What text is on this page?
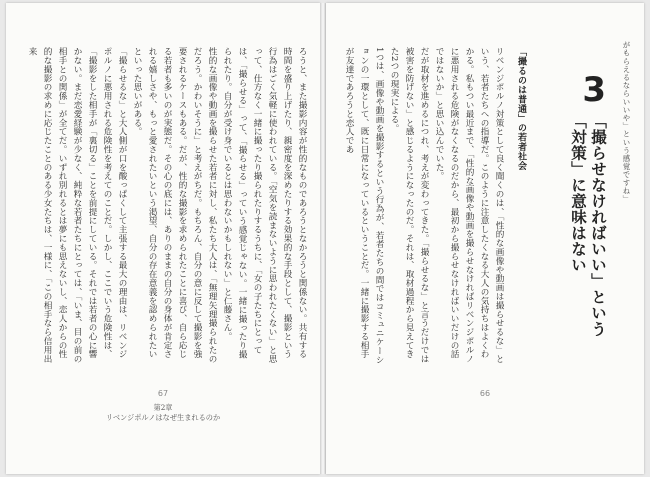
ろうと、また撮影内容が性的なものであろうとなかろうと関係ない。共有する時間を盛り上げたり、親密度を深めたりする効果的な手段として、撮影という行為はごく気軽に使われている。「空気を読まないように思われたくない」と思って、仕方なく一緒に撮ったり撮られたりするうちに、「女の子たちにとっては、「撮らせる」って、「撮らせる」っていう感覚じゃない。一緒に撮ったり撮られたり。自分が受け身でいるとは思わないかもしれない」と仁藤さん。
性的な画像や動画を撮らせた若者に対し、私たち大人は、「無理矢理撮られたのだろう。かわいそうに」と考えがちだ。もちろん、自分の意に反して撮影を強要されるケースもある。だが、性的な撮影を求められたことに喜び、自ら応じる若者も多いのが実態だ。その心の底には、ありのままの自分の身体が肯定される嬉しさや、もっと愛されたいという渇望、自分の存在意義を認められたいといった思いがある。
「撮らせるな」と大人側が口を酸っぱくして主張する最大の理由は、リベンジポルノに悪用される危険性を考えてのことだ。しかし、ここでいう危険性は、「撮影をした相手が「裏切る」ことを前提にしている。それでは若者の心に響かない。まだ恋愛経験が少なく、純粋な若者たちにとっては、「いま、目の前の相手との関係」が全てだ。いずれ別れるとは夢にも思えないし、恋人からの性的な撮影の求めに応じたことのある少女たちは、一様に、「この相手なら信用出来

67
第2章
リベンジポルノはなぜ生まれるのか

がもらえるならいいや」という感覚ですね」

3

「撮らせなければいい」という「対策」に意味はない

「撮るのは普通」の若者社会

リベンジポルノ対策として良く聞くのは、「性的な画像や動画は撮らせるな」という、若者たちへの指導だ。このように注意したくなる大人の気持ちはよくわかる。私もつい最近まで、「性的な画像や動画を撮らせなければリベンジポルノに悪用される危険がなくなるのだから、最初から撮らせなければいいだけの話ではないか」と思い込んでいた。
だが取材を進めるにつれ、考えが変わってきた。「撮らせるな」と言うだけでは被害を防げない」と感じるようになったのだ。それは、取材過程から見えてきた2つの現実による。
1つは、画像や動画を撮影するという行為が、若者たちの間ではコミュニケーションの一環として、既に日常になっているということだ。一緒に撮影する相手が友達であろうと恋人であ

66
